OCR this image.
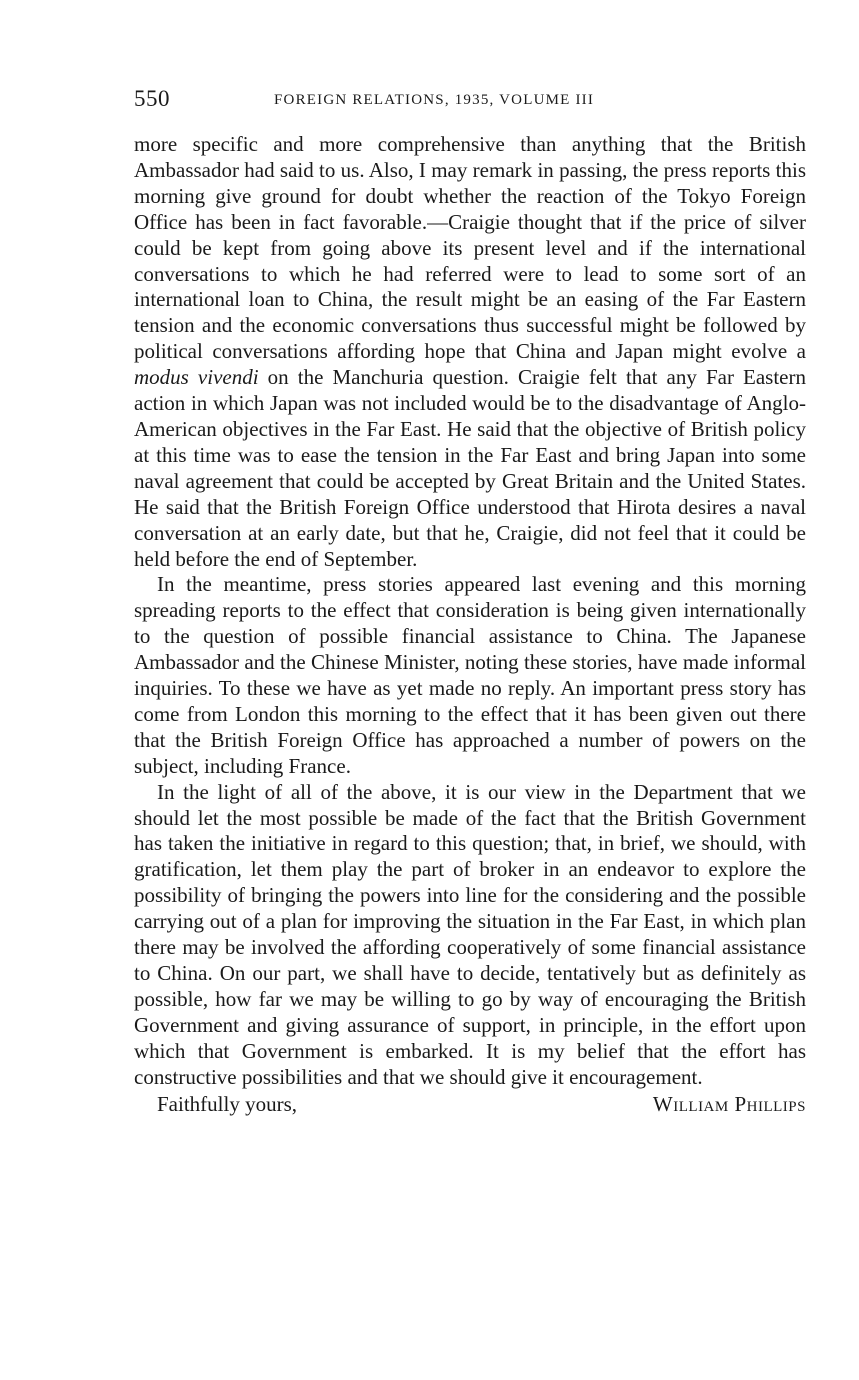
550	FOREIGN RELATIONS, 1935, VOLUME III

more specific and more comprehensive than anything that the British Ambassador had said to us. Also, I may remark in passing, the press reports this morning give ground for doubt whether the reaction of the Tokyo Foreign Office has been in fact favorable.—Craigie thought that if the price of silver could be kept from going above its present level and if the international conversations to which he had referred were to lead to some sort of an international loan to China, the result might be an easing of the Far Eastern tension and the economic conversations thus successful might be followed by political conversations affording hope that China and Japan might evolve a modus vivendi on the Manchuria question. Craigie felt that any Far Eastern action in which Japan was not included would be to the disadvantage of Anglo-American objectives in the Far East. He said that the objective of British policy at this time was to ease the tension in the Far East and bring Japan into some naval agreement that could be accepted by Great Britain and the United States. He said that the British Foreign Office understood that Hirota desires a naval conversation at an early date, but that he, Craigie, did not feel that it could be held before the end of September.

In the meantime, press stories appeared last evening and this morning spreading reports to the effect that consideration is being given internationally to the question of possible financial assistance to China. The Japanese Ambassador and the Chinese Minister, noting these stories, have made informal inquiries. To these we have as yet made no reply. An important press story has come from London this morning to the effect that it has been given out there that the British Foreign Office has approached a number of powers on the subject, including France.

In the light of all of the above, it is our view in the Department that we should let the most possible be made of the fact that the British Government has taken the initiative in regard to this question; that, in brief, we should, with gratification, let them play the part of broker in an endeavor to explore the possibility of bringing the powers into line for the considering and the possible carrying out of a plan for improving the situation in the Far East, in which plan there may be involved the affording cooperatively of some financial assistance to China. On our part, we shall have to decide, tentatively but as definitely as possible, how far we may be willing to go by way of encouraging the British Government and giving assurance of support, in principle, in the effort upon which that Government is embarked. It is my belief that the effort has constructive possibilities and that we should give it encouragement.

Faithfully yours,	William Phillips
